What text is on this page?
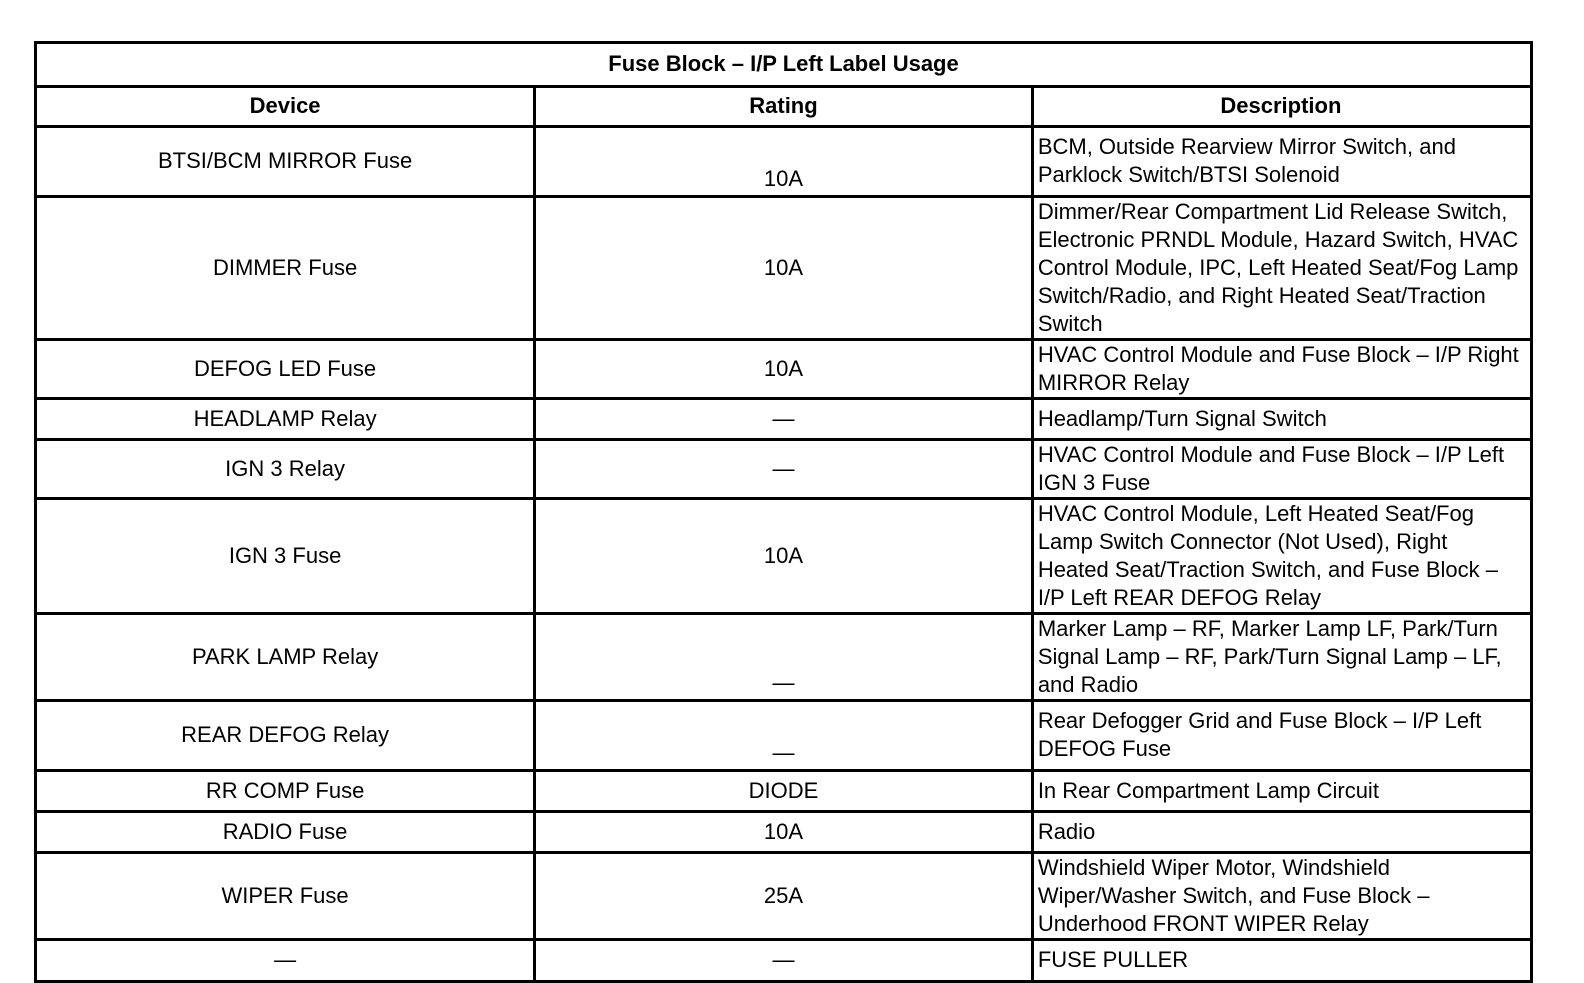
Fuse Block – I/P Left Label Usage		
Device	Rating	Description
BTSI/BCM MIRROR Fuse	10A	BCM, Outside Rearview Mirror Switch, and Parklock Switch/BTSI Solenoid
DIMMER Fuse	10A	Dimmer/Rear Compartment Lid Release Switch, Electronic PRNDL Module, Hazard Switch, HVAC Control Module, IPC, Left Heated Seat/Fog Lamp Switch/Radio, and Right Heated Seat/Traction Switch
DEFOG LED Fuse	10A	HVAC Control Module and Fuse Block – I/P Right MIRROR Relay
HEADLAMP Relay	—	Headlamp/Turn Signal Switch
IGN 3 Relay	—	HVAC Control Module and Fuse Block – I/P Left IGN 3 Fuse
IGN 3 Fuse	10A	HVAC Control Module, Left Heated Seat/Fog Lamp Switch Connector (Not Used), Right Heated Seat/Traction Switch, and Fuse Block – I/P Left REAR DEFOG Relay
PARK LAMP Relay	—	Marker Lamp – RF, Marker Lamp LF, Park/Turn Signal Lamp – RF, Park/Turn Signal Lamp – LF, and Radio
REAR DEFOG Relay	—	Rear Defogger Grid and Fuse Block – I/P Left DEFOG Fuse
RR COMP Fuse	DIODE	In Rear Compartment Lamp Circuit
RADIO Fuse	10A	Radio
WIPER Fuse	25A	Windshield Wiper Motor, Windshield Wiper/Washer Switch, and Fuse Block – Underhood FRONT WIPER Relay
—	—	FUSE PULLER
